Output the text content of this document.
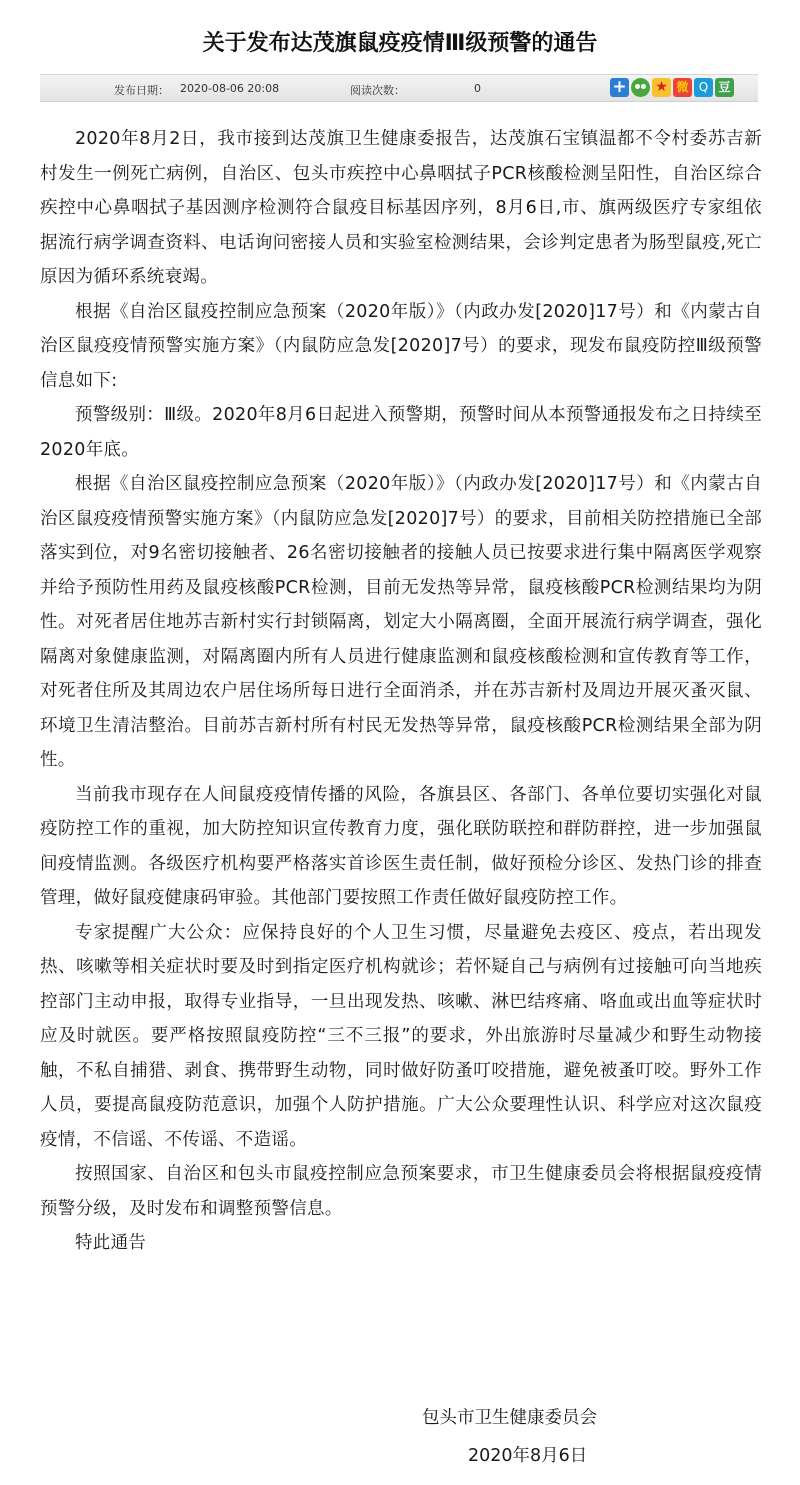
关于发布达茂旗鼠疫疫情Ⅲ级预警的通告
发布日期： 2020-08-06 20:08	阅读次数：	0	+ ★ 微 Q 豆

2020年8月2日，我市接到达茂旗卫生健康委报告，达茂旗石宝镇温都不令村委苏吉新村发生一例死亡病例，自治区、包头市疾控中心鼻咽拭子PCR核酸检测呈阳性，自治区综合疾控中心鼻咽拭子基因测序检测符合鼠疫目标基因序列，8月6日,市、旗两级医疗专家组依据流行病学调查资料、电话询问密接人员和实验室检测结果，会诊判定患者为肠型鼠疫,死亡原因为循环系统衰竭。

根据《自治区鼠疫控制应急预案（2020年版）》（内政办发[2020]17号）和《内蒙古自治区鼠疫疫情预警实施方案》（内鼠防应急发[2020]7号）的要求，现发布鼠疫防控Ⅲ级预警信息如下:

预警级别：Ⅲ级。2020年8月6日起进入预警期，预警时间从本预警通报发布之日持续至2020年底。

根据《自治区鼠疫控制应急预案（2020年版）》（内政办发[2020]17号）和《内蒙古自治区鼠疫疫情预警实施方案》（内鼠防应急发[2020]7号）的要求，目前相关防控措施已全部落实到位，对9名密切接触者、26名密切接触者的接触人员已按要求进行集中隔离医学观察并给予预防性用药及鼠疫核酸PCR检测，目前无发热等异常，鼠疫核酸PCR检测结果均为阴性。对死者居住地苏吉新村实行封锁隔离，划定大小隔离圈，全面开展流行病学调查，强化隔离对象健康监测，对隔离圈内所有人员进行健康监测和鼠疫核酸检测和宣传教育等工作，对死者住所及其周边农户居住场所每日进行全面消杀，并在苏吉新村及周边开展灭蚤灭鼠、环境卫生清洁整治。目前苏吉新村所有村民无发热等异常，鼠疫核酸PCR检测结果全部为阴性。

当前我市现存在人间鼠疫疫情传播的风险，各旗县区、各部门、各单位要切实强化对鼠疫防控工作的重视，加大防控知识宣传教育力度，强化联防联控和群防群控，进一步加强鼠间疫情监测。各级医疗机构要严格落实首诊医生责任制，做好预检分诊区、发热门诊的排查管理，做好鼠疫健康码审验。其他部门要按照工作责任做好鼠疫防控工作。

专家提醒广大公众：应保持良好的个人卫生习惯，尽量避免去疫区、疫点，若出现发热、咳嗽等相关症状时要及时到指定医疗机构就诊；若怀疑自己与病例有过接触可向当地疾控部门主动申报，取得专业指导，一旦出现发热、咳嗽、淋巴结疼痛、咯血或出血等症状时应及时就医。要严格按照鼠疫防控“三不三报”的要求，外出旅游时尽量减少和野生动物接触，不私自捕猎、剥食、携带野生动物，同时做好防蚤叮咬措施，避免被蚤叮咬。野外工作人员，要提高鼠疫防范意识，加强个人防护措施。广大公众要理性认识、科学应对这次鼠疫疫情，不信谣、不传谣、不造谣。

按照国家、自治区和包头市鼠疫控制应急预案要求，市卫生健康委员会将根据鼠疫疫情预警分级，及时发布和调整预警信息。

特此通告

包头市卫生健康委员会
2020年8月6日
